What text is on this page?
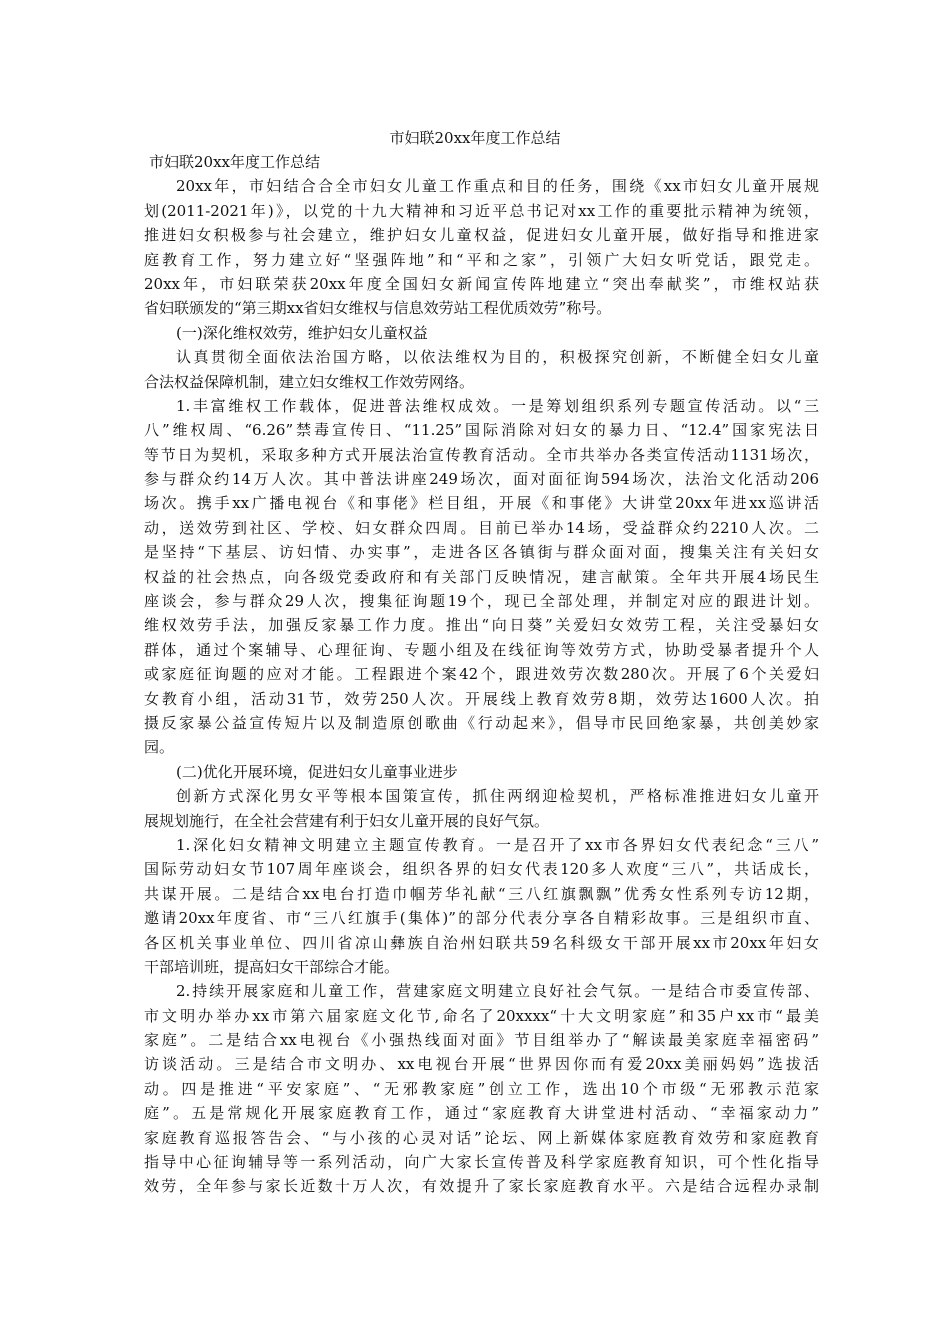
市妇联20xx年度工作总结
市妇联20xx年度工作总结
20xx年，市妇结合合全市妇女儿童工作重点和目的任务，围绕《xx市妇女儿童开展规
划(2011-2021年)》，以党的十九大精神和习近平总书记对xx工作的重要批示精神为统领，
推进妇女积极参与社会建立，维护妇女儿童权益，促进妇女儿童开展，做好指导和推进家
庭教育工作，努力建立好“坚强阵地”和“平和之家”，引领广大妇女听党话，跟党走。
20xx年，市妇联荣获20xx年度全国妇女新闻宣传阵地建立“突出奉献奖”，市维权站获
省妇联颁发的“第三期xx省妇女维权与信息效劳站工程优质效劳”称号。
(一)深化维权效劳，维护妇女儿童权益
认真贯彻全面依法治国方略，以依法维权为目的，积极探究创新，不断健全妇女儿童
合法权益保障机制，建立妇女维权工作效劳网络。
1.丰富维权工作载体，促进普法维权成效。一是筹划组织系列专题宣传活动。以“三
八”维权周、“6.26”禁毒宣传日、“11.25”国际消除对妇女的暴力日、“12.4”国家宪法日
等节日为契机，采取多种方式开展法治宣传教育活动。全市共举办各类宣传活动1131场次，
参与群众约14万人次。其中普法讲座249场次，面对面征询594场次，法治文化活动206
场次。携手xx广播电视台《和事佬》栏目组，开展《和事佬》大讲堂20xx年进xx巡讲活
动，送效劳到社区、学校、妇女群众四周。目前已举办14场，受益群众约2210人次。二
是坚持“下基层、访妇情、办实事”，走进各区各镇街与群众面对面，搜集关注有关妇女
权益的社会热点，向各级党委政府和有关部门反映情况，建言献策。全年共开展4场民生
座谈会，参与群众29人次，搜集征询题19个，现已全部处理，并制定对应的跟进计划。
维权效劳手法，加强反家暴工作力度。推出“向日葵”关爱妇女效劳工程，关注受暴妇女
群体，通过个案辅导、心理征询、专题小组及在线征询等效劳方式，协助受暴者提升个人
或家庭征询题的应对才能。工程跟进个案42个，跟进效劳次数280次。开展了6个关爱妇
女教育小组，活动31节，效劳250人次。开展线上教育效劳8期，效劳达1600人次。拍
摄反家暴公益宣传短片以及制造原创歌曲《行动起来》，倡导市民回绝家暴，共创美妙家
园。
(二)优化开展环境，促进妇女儿童事业进步
创新方式深化男女平等根本国策宣传，抓住两纲迎检契机，严格标准推进妇女儿童开
展规划施行，在全社会营建有利于妇女儿童开展的良好气氛。
1.深化妇女精神文明建立主题宣传教育。一是召开了xx市各界妇女代表纪念“三八”
国际劳动妇女节107周年座谈会，组织各界的妇女代表120多人欢度“三八”，共话成长，
共谋开展。二是结合xx电台打造巾帼芳华礼献“三八红旗飘飘”优秀女性系列专访12期，
邀请20xx年度省、市“三八红旗手(集体)”的部分代表分享各自精彩故事。三是组织市直、
各区机关事业单位、四川省凉山彝族自治州妇联共59名科级女干部开展xx市20xx年妇女
干部培训班，提高妇女干部综合才能。
2.持续开展家庭和儿童工作，营建家庭文明建立良好社会气氛。一是结合市委宣传部、
市文明办举办xx市第六届家庭文化节,命名了20xxxx“十大文明家庭”和35户xx市“最美
家庭”。二是结合xx电视台《小强热线面对面》节目组举办了“解读最美家庭幸福密码”
访谈活动。三是结合市文明办、xx电视台开展“世界因你而有爱20xx美丽妈妈”选拔活
动。四是推进“平安家庭”、“无邪教家庭”创立工作，选出10个市级“无邪教示范家
庭”。五是常规化开展家庭教育工作，通过“家庭教育大讲堂进村活动、“幸福家动力”
家庭教育巡报答告会、“与小孩的心灵对话”论坛、网上新媒体家庭教育效劳和家庭教育
指导中心征询辅导等一系列活动，向广大家长宣传普及科学家庭教育知识，可个性化指导
效劳，全年参与家长近数十万人次，有效提升了家长家庭教育水平。六是结合远程办录制
